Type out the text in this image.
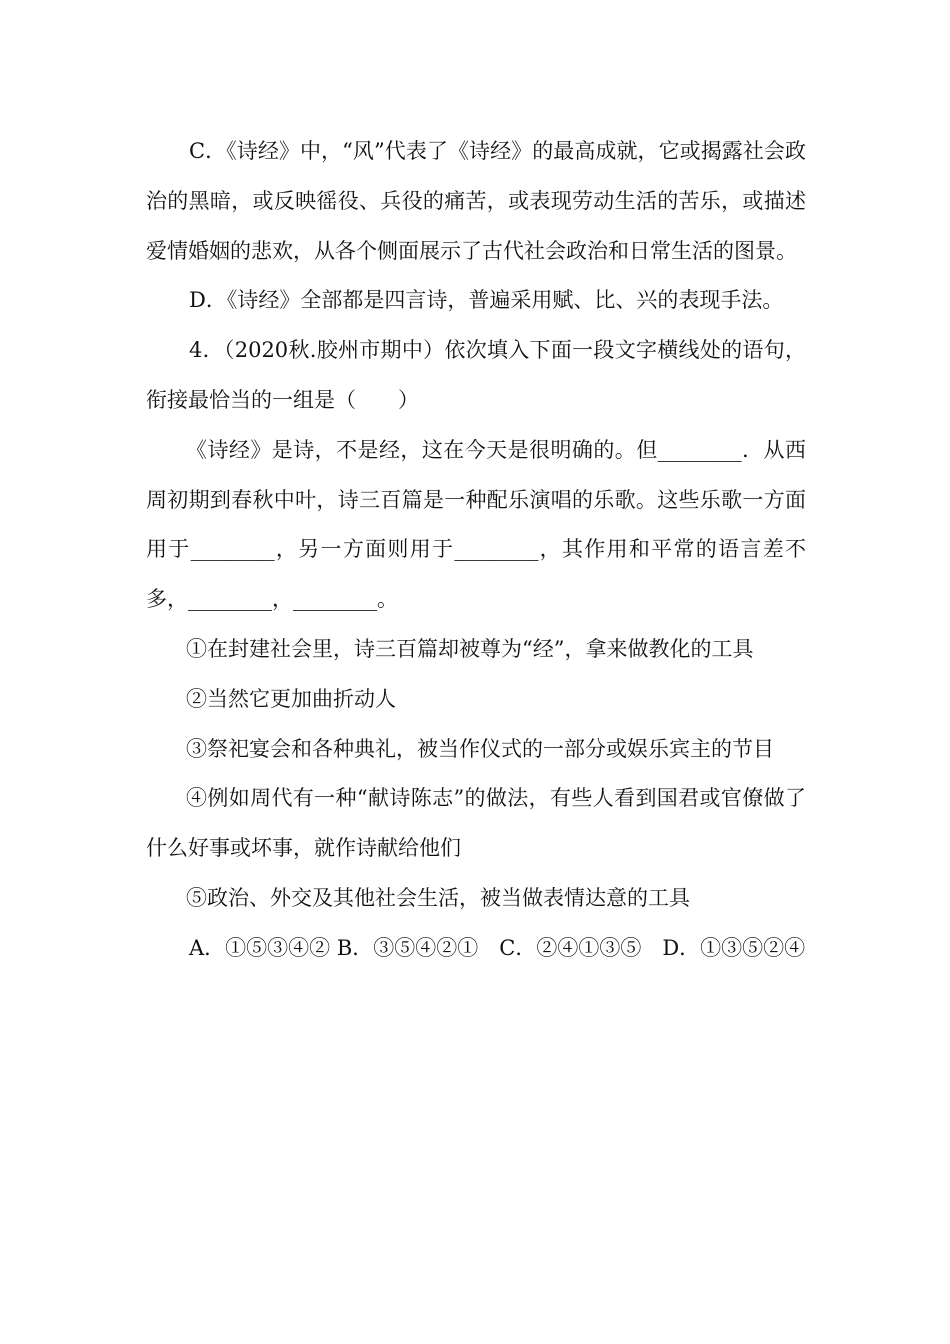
C．《诗经》中，“风”代表了《诗经》的最高成就，它或揭露社会政治的黑暗，或反映徭役、兵役的痛苦，或表现劳动生活的苦乐，或描述爱情婚姻的悲欢，从各个侧面展示了古代社会政治和日常生活的图景。

D．《诗经》全部都是四言诗，普遍采用赋、比、兴的表现手法。

4．（2020秋.胶州市期中）依次填入下面一段文字横线处的语句，衔接最恰当的一组是（　　）

《诗经》是诗，不是经，这在今天是很明确的。但________．从西周初期到春秋中叶，诗三百篇是一种配乐演唱的乐歌。这些乐歌一方面用于________，另一方面则用于________，其作用和平常的语言差不多，________，________。

①在封建社会里，诗三百篇却被尊为“经”，拿来做教化的工具

②当然它更加曲折动人

③祭祀宴会和各种典礼，被当作仪式的一部分或娱乐宾主的节目

④例如周代有一种“献诗陈志”的做法，有些人看到国君或官僚做了什么好事或坏事，就作诗献给他们

⑤政治、外交及其他社会生活，被当做表情达意的工具

A．①⑤③④② B．③⑤④②①　C．②④①③⑤　D．①③⑤②④
